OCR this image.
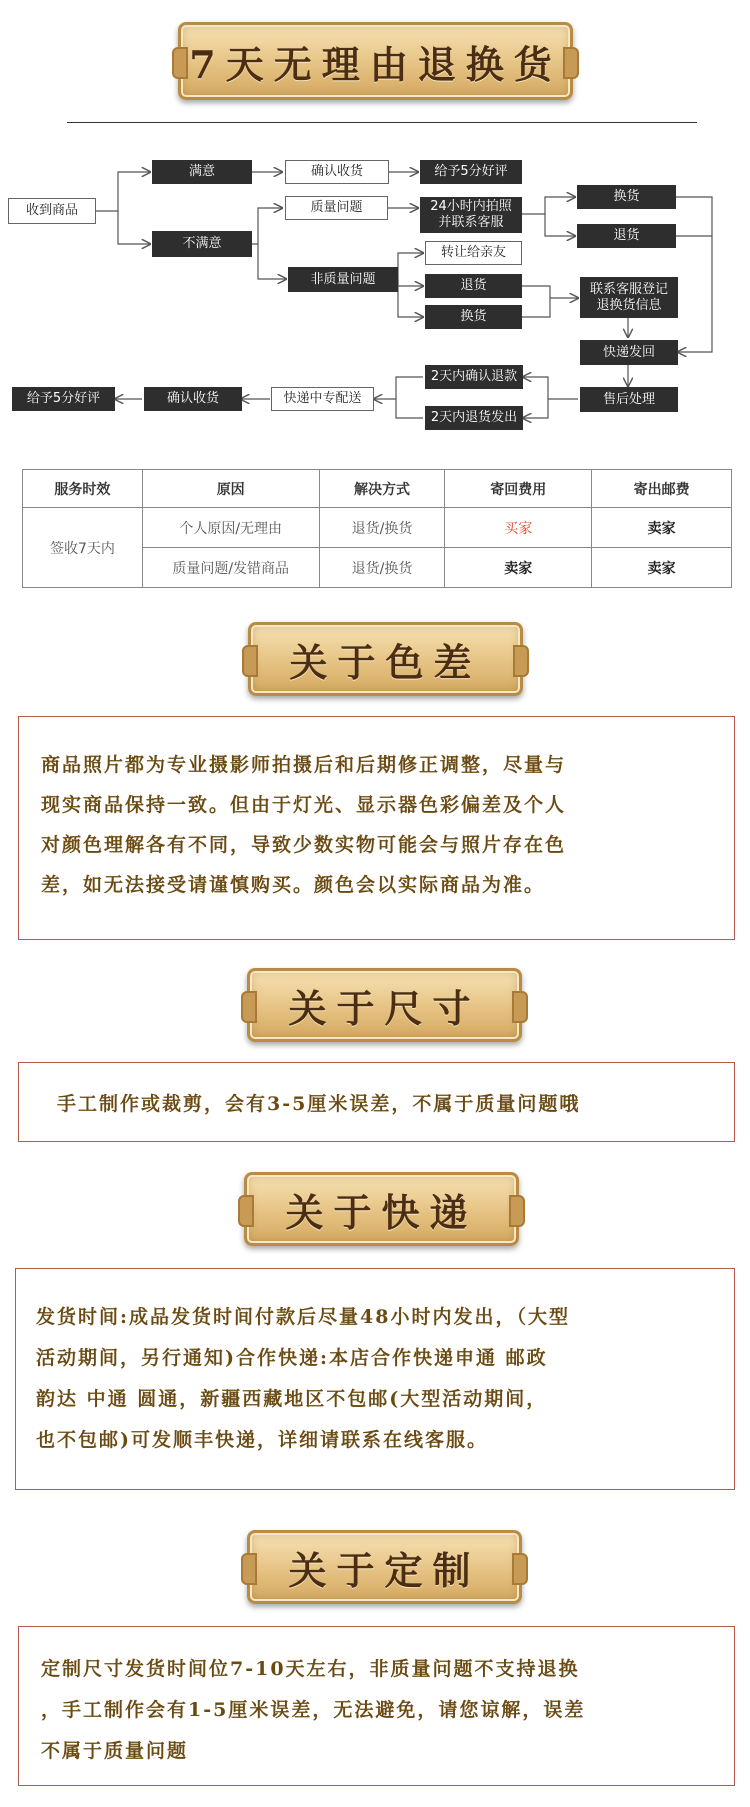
7天无理由退换货
收到商品
满意
不满意
确认收货	给予5分好评
质量问题	24小时内拍照
并联系客服
非质量问题
转让给亲友
退货
换货
换货
退货
联系客服登记
退换货信息
快递发回
售后处理
2天内确认退款
2天内退货发出
快递中专配送
确认收货
给予5分好评
服务时效	原因	解决方式	寄回费用	寄出邮费
签收7天内	个人原因/无理由	退货/换货	买家	卖家
	质量问题/发错商品	退货/换货	卖家	卖家
关于色差
商品照片都为专业摄影师拍摄后和后期修正调整，尽量与
现实商品保持一致。但由于灯光、显示器色彩偏差及个人
对颜色理解各有不同，导致少数实物可能会与照片存在色
差，如无法接受请谨慎购买。颜色会以实际商品为准。
关于尺寸
手工制作或裁剪，会有3-5厘米误差，不属于质量问题哦
关于快递
发货时间:成品发货时间付款后尽量48小时内发出，（大型
活动期间，另行通知)合作快递:本店合作快递申通 邮政
韵达 中通 圆通，新疆西藏地区不包邮(大型活动期间，
也不包邮)可发顺丰快递，详细请联系在线客服。
关于定制
定制尺寸发货时间位7-10天左右，非质量问题不支持退换
，手工制作会有1-5厘米误差，无法避免，请您谅解，误差
不属于质量问题
